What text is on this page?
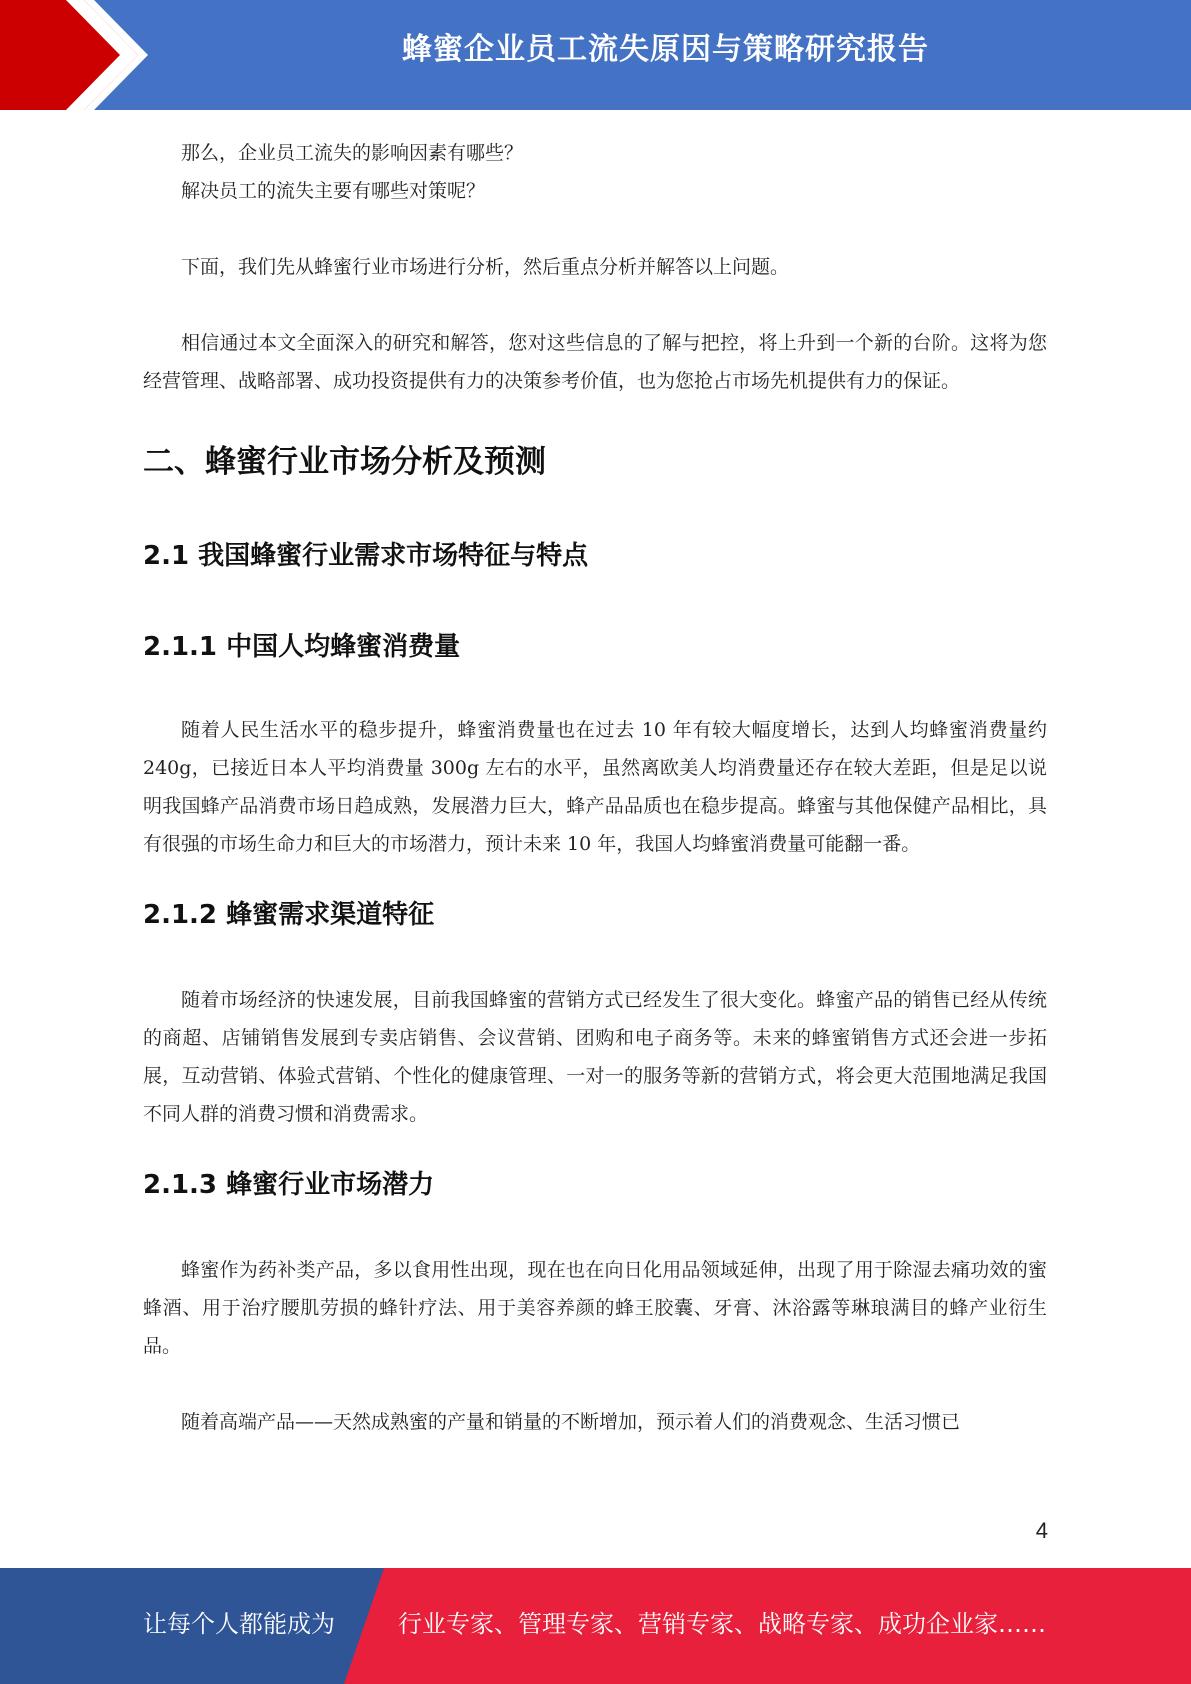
蜂蜜企业员工流失原因与策略研究报告

那么，企业员工流失的影响因素有哪些？

解决员工的流失主要有哪些对策呢？

下面，我们先从蜂蜜行业市场进行分析，然后重点分析并解答以上问题。

相信通过本文全面深入的研究和解答，您对这些信息的了解与把控，将上升到一个新的台阶。这将为您经营管理、战略部署、成功投资提供有力的决策参考价值，也为您抢占市场先机提供有力的保证。

二、蜂蜜行业市场分析及预测
2.1 我国蜂蜜行业需求市场特征与特点
2.1.1 中国人均蜂蜜消费量

随着人民生活水平的稳步提升，蜂蜜消费量也在过去 10 年有较大幅度增长，达到人均蜂蜜消费量约 240g，已接近日本人平均消费量 300g 左右的水平，虽然离欧美人均消费量还存在较大差距，但是足以说明我国蜂产品消费市场日趋成熟，发展潜力巨大，蜂产品品质也在稳步提高。蜂蜜与其他保健产品相比，具有很强的市场生命力和巨大的市场潜力，预计未来 10 年，我国人均蜂蜜消费量可能翻一番。

2.1.2 蜂蜜需求渠道特征

随着市场经济的快速发展，目前我国蜂蜜的营销方式已经发生了很大变化。蜂蜜产品的销售已经从传统的商超、店铺销售发展到专卖店销售、会议营销、团购和电子商务等。未来的蜂蜜销售方式还会进一步拓展，互动营销、体验式营销、个性化的健康管理、一对一的服务等新的营销方式，将会更大范围地满足我国不同人群的消费习惯和消费需求。

2.1.3 蜂蜜行业市场潜力

蜂蜜作为药补类产品，多以食用性出现，现在也在向日化用品领域延伸，出现了用于除湿去痛功效的蜜蜂酒、用于治疗腰肌劳损的蜂针疗法、用于美容养颜的蜂王胶囊、牙膏、沐浴露等琳琅满目的蜂产业衍生品。

随着高端产品——天然成熟蜜的产量和销量的不断增加，预示着人们的消费观念、生活习惯已

4
让每个人都能成为	行业专家、管理专家、营销专家、战略专家、成功企业家……
